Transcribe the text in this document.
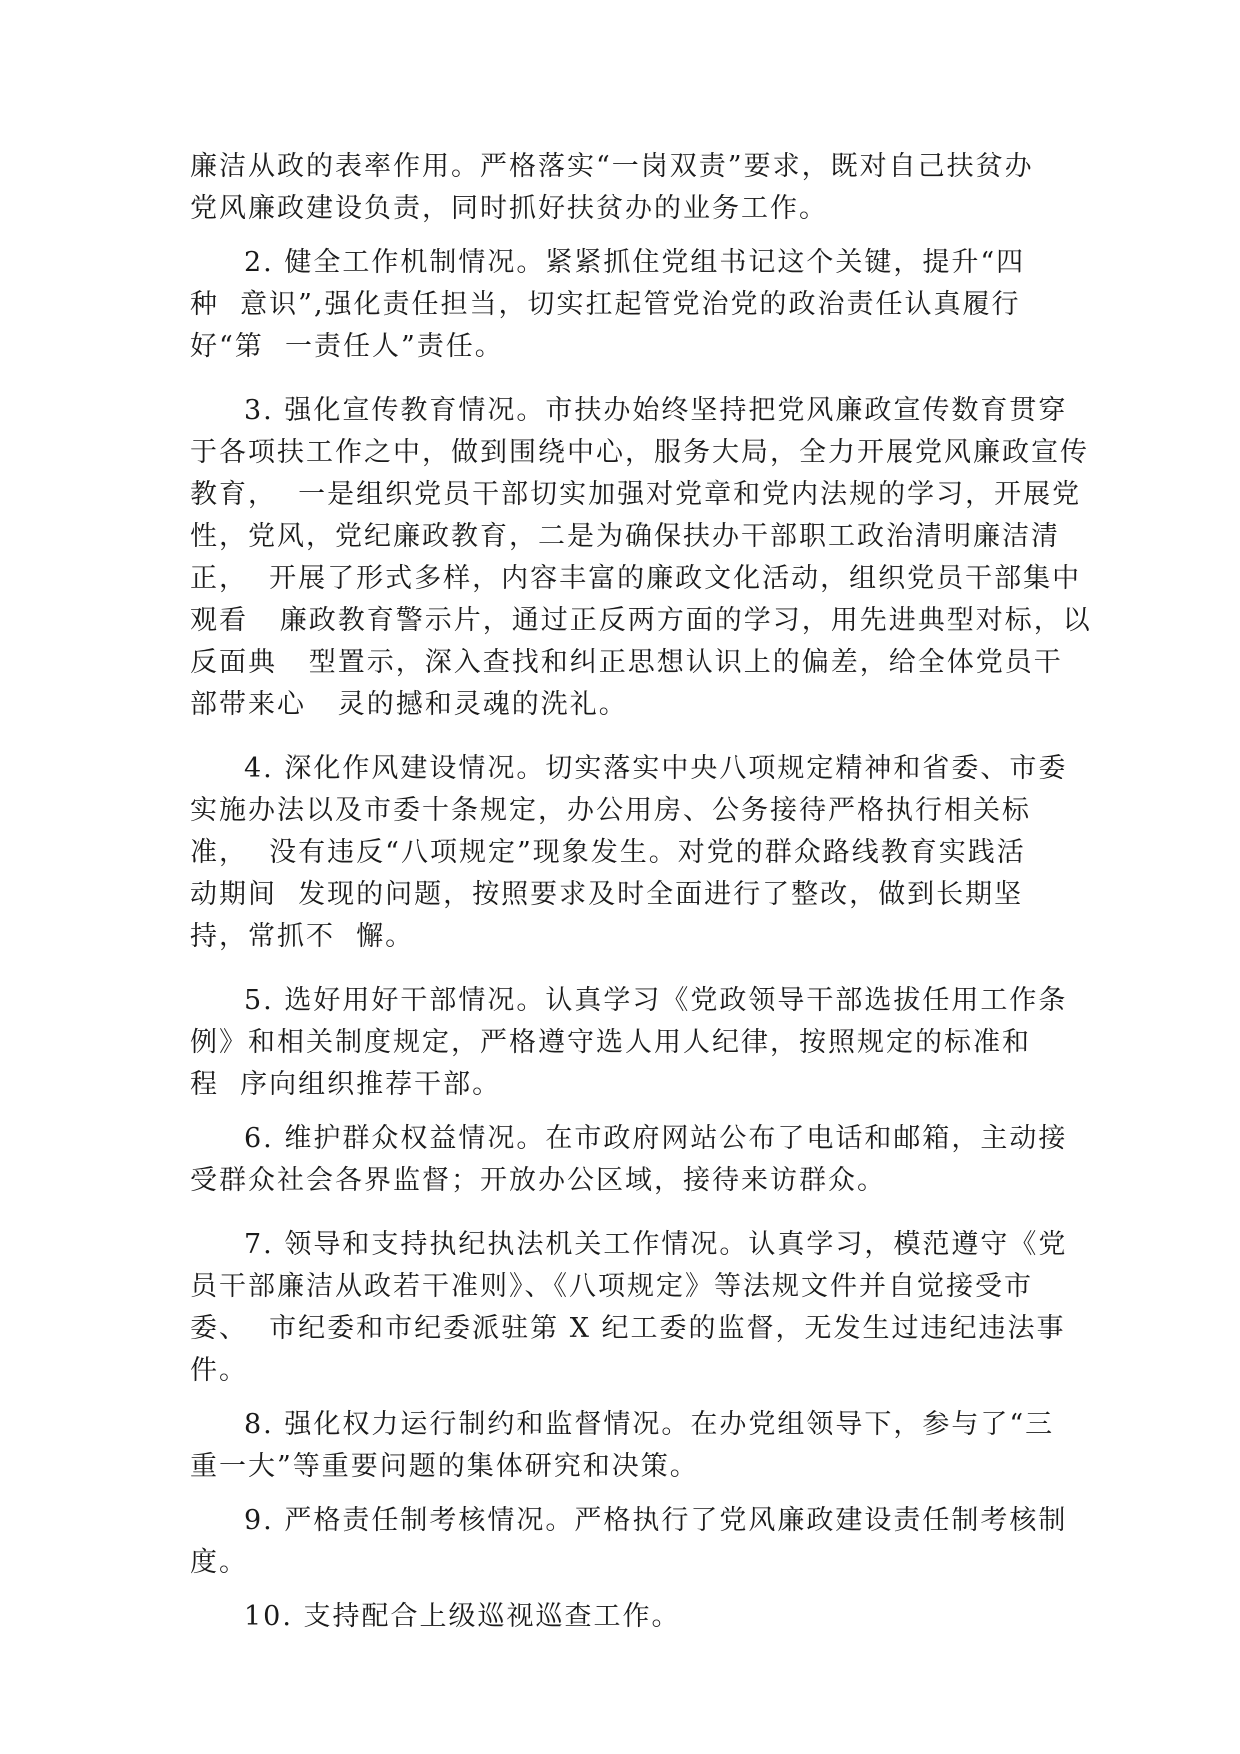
廉洁从政的表率作用。严格落实“一岗双责”要求，既对自己扶贫办
党风廉政建设负责，同时抓好扶贫办的业务工作。
2. 健全工作机制情况。紧紧抓住党组书记这个关键，提升“四
种  意识”,强化责任担当，切实扛起管党治党的政治责任认真履行
好“第  一责任人”责任。
3. 强化宣传教育情况。市扶办始终坚持把党风廉政宣传数育贯穿
于各项扶工作之中，做到围绕中心，服务大局，全力开展党风廉政宣传
教育，  一是组织党员干部切实加强对党章和党内法规的学习，开展党
性，党风，党纪廉政教育，二是为确保扶办干部职工政治清明廉洁清
正，  开展了形式多样，内容丰富的廉政文化活动，组织党员干部集中
观看   廉政教育警示片，通过正反两方面的学习，用先进典型对标，以
反面典   型置示，深入查找和纠正思想认识上的偏差，给全体党员干
部带来心   灵的撼和灵魂的洗礼。
4. 深化作风建设情况。切实落实中央八项规定精神和省委、市委
实施办法以及市委十条规定，办公用房、公务接待严格执行相关标
准，  没有违反“八项规定”现象发生。对党的群众路线教育实践活
动期间  发现的问题，按照要求及时全面进行了整改，做到长期坚
持，常抓不  懈。
5. 选好用好干部情况。认真学习《党政领导干部选拔任用工作条
例》和相关制度规定，严格遵守选人用人纪律，按照规定的标准和
程  序向组织推荐干部。
6. 维护群众权益情况。在市政府网站公布了电话和邮箱，主动接
受群众社会各界监督；开放办公区域，接待来访群众。
7. 领导和支持执纪执法机关工作情况。认真学习，模范遵守《党
员干部廉洁从政若干准则》、《八项规定》等法规文件并自觉接受市
委、  市纪委和市纪委派驻第 X 纪工委的监督，无发生过违纪违法事
件。
8. 强化权力运行制约和监督情况。在办党组领导下，参与了“三
重一大”等重要问题的集体研究和决策。
9. 严格责任制考核情况。严格执行了党风廉政建设责任制考核制
度。
10. 支持配合上级巡视巡查工作。
